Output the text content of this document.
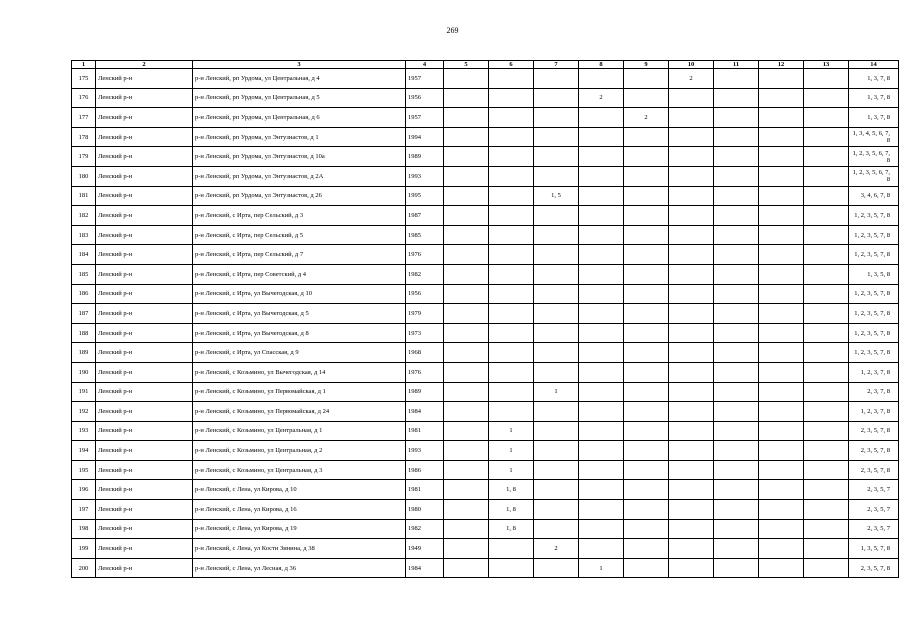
269
1	2	3	4	5	6	7	8	9	10	11	12	13	14
175	Ленский р-н	р-н Ленский, рп Урдома, ул Центральная, д 4	1957						2				1, 3, 7, 8
176	Ленский р-н	р-н Ленский, рп Урдома, ул Центральная, д 5	1956				2						1, 3, 7, 8
177	Ленский р-н	р-н Ленский, рп Урдома, ул Центральная, д 6	1957					2					1, 3, 7, 8
178	Ленский р-н	р-н Ленский, рп Урдома, ул Энтузиастов, д 1	1994										1, 3, 4, 5, 6, 7, 8
179	Ленский р-н	р-н Ленский, рп Урдома, ул Энтузиастов, д 10а	1989										1, 2, 3, 5, 6, 7, 8
180	Ленский р-н	р-н Ленский, рп Урдома, ул Энтузиастов, д 2А	1993										1, 2, 3, 5, 6, 7, 8
181	Ленский р-н	р-н Ленский, рп Урдома, ул Энтузиастов, д 26	1995			1, 5							3, 4, 6, 7, 8
182	Ленский р-н	р-н Ленский, с Ирта, пер Сельский, д 3	1987										1, 2, 3, 5, 7, 8
183	Ленский р-н	р-н Ленский, с Ирта, пер Сельский, д 5	1985										1, 2, 3, 5, 7, 8
184	Ленский р-н	р-н Ленский, с Ирта, пер Сельский, д 7	1976										1, 2, 3, 5, 7, 8
185	Ленский р-н	р-н Ленский, с Ирта, пер Советский, д 4	1982										1, 3, 5, 8
186	Ленский р-н	р-н Ленский, с Ирта, ул Вычегодская, д 10	1956										1, 2, 3, 5, 7, 8
187	Ленский р-н	р-н Ленский, с Ирта, ул Вычегодская, д 5	1979										1, 2, 3, 5, 7, 8
188	Ленский р-н	р-н Ленский, с Ирта, ул Вычегодская, д 8	1973										1, 2, 3, 5, 7, 8
189	Ленский р-н	р-н Ленский, с Ирта, ул Спасская, д 9	1968										1, 2, 3, 5, 7, 8
190	Ленский р-н	р-н Ленский, с Козьмино, ул Вычегодская, д 14	1976										1, 2, 3, 7, 8
191	Ленский р-н	р-н Ленский, с Козьмино, ул Первомайская, д 1	1989			1							2, 3, 7, 8
192	Ленский р-н	р-н Ленский, с Козьмино, ул Первомайская, д 24	1984										1, 2, 3, 7, 8
193	Ленский р-н	р-н Ленский, с Козьмино, ул Центральная, д 1	1981		1								2, 3, 5, 7, 8
194	Ленский р-н	р-н Ленский, с Козьмино, ул Центральная, д 2	1993		1								2, 3, 5, 7, 8
195	Ленский р-н	р-н Ленский, с Козьмино, ул Центральная, д 3	1986		1								2, 3, 5, 7, 8
196	Ленский р-н	р-н Ленский, с Лена, ул Кирова, д 10	1981		1, 8								2, 3, 5, 7
197	Ленский р-н	р-н Ленский, с Лена, ул Кирова, д 16	1980		1, 8								2, 3, 5, 7
198	Ленский р-н	р-н Ленский, с Лена, ул Кирова, д 19	1982		1, 8								2, 3, 5, 7
199	Ленский р-н	р-н Ленский, с Лена, ул Кости Зинина, д 38	1949			2							1, 3, 5, 7, 8
200	Ленский р-н	р-н Ленский, с Лена, ул Лесная, д 36	1984				1						2, 3, 5, 7, 8
